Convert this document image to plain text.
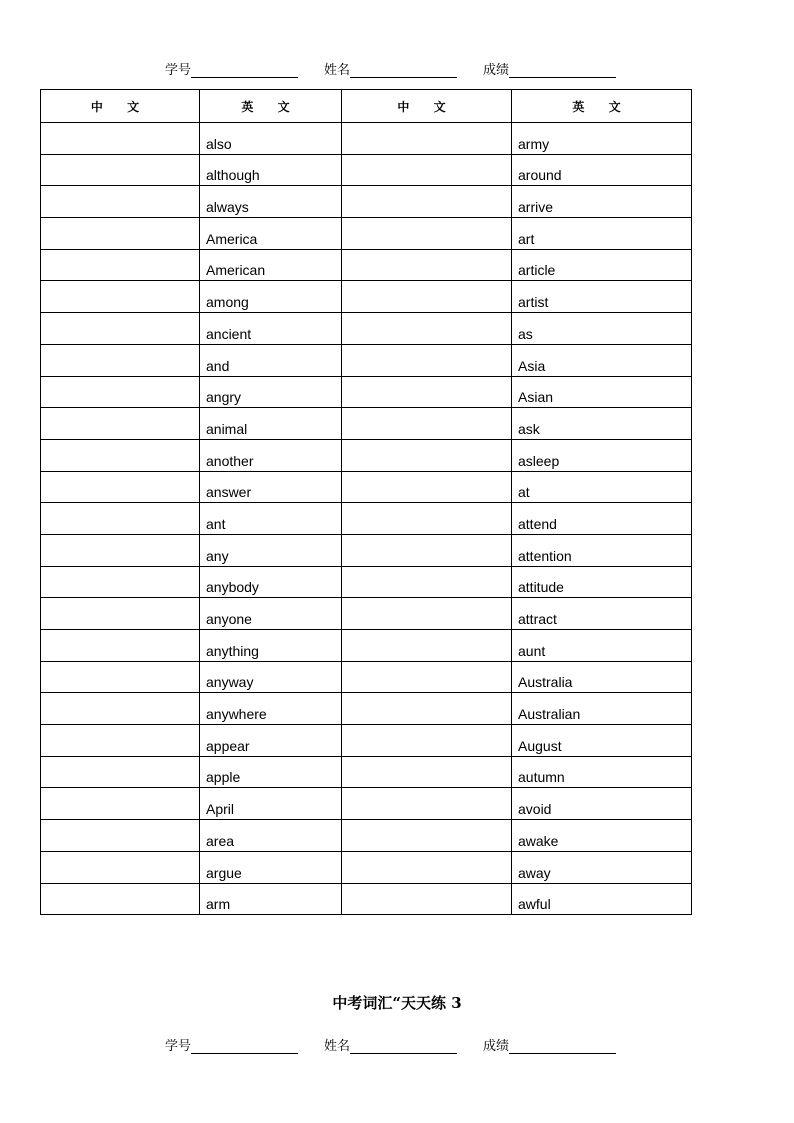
学号	姓名	成绩
中 文	英 文	中 文	英 文
	also		army
	although		around
	always		arrive
	America		art
	American		article
	among		artist
	ancient		as
	and		Asia
	angry		Asian
	animal		ask
	another		asleep
	answer		at
	ant		attend
	any		attention
	anybody		attitude
	anyone		attract
	anything		aunt
	anyway		Australia
	anywhere		Australian
	appear		August
	apple		autumn
	April		avoid
	area		awake
	argue		away
	arm		awful
中考词汇“天天练 3
学号	姓名	成绩
